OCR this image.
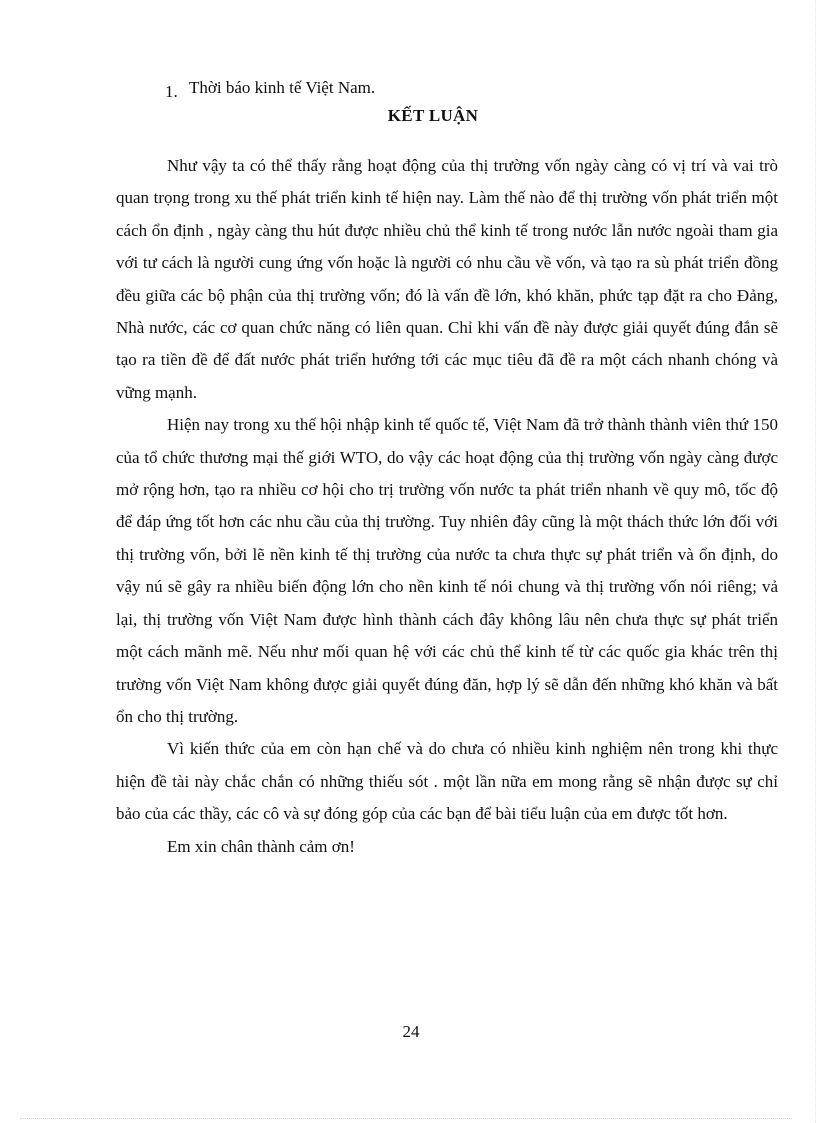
1. Thời báo kinh tế Việt Nam.
KẾT LUẬN

Như vậy ta có thể thấy rằng hoạt động của thị trường vốn ngày càng có vị trí và vai trò quan trọng trong xu thế phát triển kinh tế hiện nay. Làm thế nào để thị trường vốn phát triển một cách ổn định , ngày càng thu hút được nhiều chủ thể kinh tế trong nước lẫn nước ngoài tham gia với tư cách là người cung ứng vốn hoặc là người có nhu cầu về vốn, và tạo ra sù phát triển đồng đều giữa các bộ phận của thị trường vốn; đó là vấn đề lớn, khó khăn, phức tạp đặt ra cho Đảng, Nhà nước, các cơ quan chức năng có liên quan. Chỉ khi vấn đề này được giải quyết đúng đắn sẽ tạo ra tiền đề để đất nước phát triển hướng tới các mục tiêu đã đề ra một cách nhanh chóng và vững mạnh.

Hiện nay trong xu thế hội nhập kinh tế quốc tế, Việt Nam đã trở thành thành viên thứ 150 của tổ chức thương mại thế giới WTO, do vậy các hoạt động của thị trường vốn ngày càng được mở rộng hơn, tạo ra nhiều cơ hội cho trị trường vốn nước ta phát triển nhanh về quy mô, tốc độ để đáp ứng tốt hơn các nhu cầu của thị trường. Tuy nhiên đây cũng là một thách thức lớn đối với thị trường vốn, bởi lẽ nền kinh tế thị trường của nước ta chưa thực sự phát triển và ổn định, do vậy nú sẽ gây ra nhiều biến động lớn cho nền kinh tế nói chung và thị trường vốn nói riêng; vả lại, thị trường vốn Việt Nam được hình thành cách đây không lâu nên chưa thực sự phát triển một cách mãnh mẽ. Nếu như mối quan hệ với các chủ thể kinh tế từ các quốc gia khác trên thị trường vốn Việt Nam không được giải quyết đúng đăn, hợp lý sẽ dẫn đến những khó khăn và bất ổn cho thị trường.

Vì kiến thức của em còn hạn chế và do chưa có nhiều kinh nghiệm nên trong khi thực hiện đề tài này chắc chắn có những thiếu sót . một lần nữa em mong rằng sẽ nhận được sự chỉ bảo của các thầy, các cô và sự đóng góp của các bạn để bài tiểu luận của em được tốt hơn.

Em xin chân thành cảm ơn!

24
